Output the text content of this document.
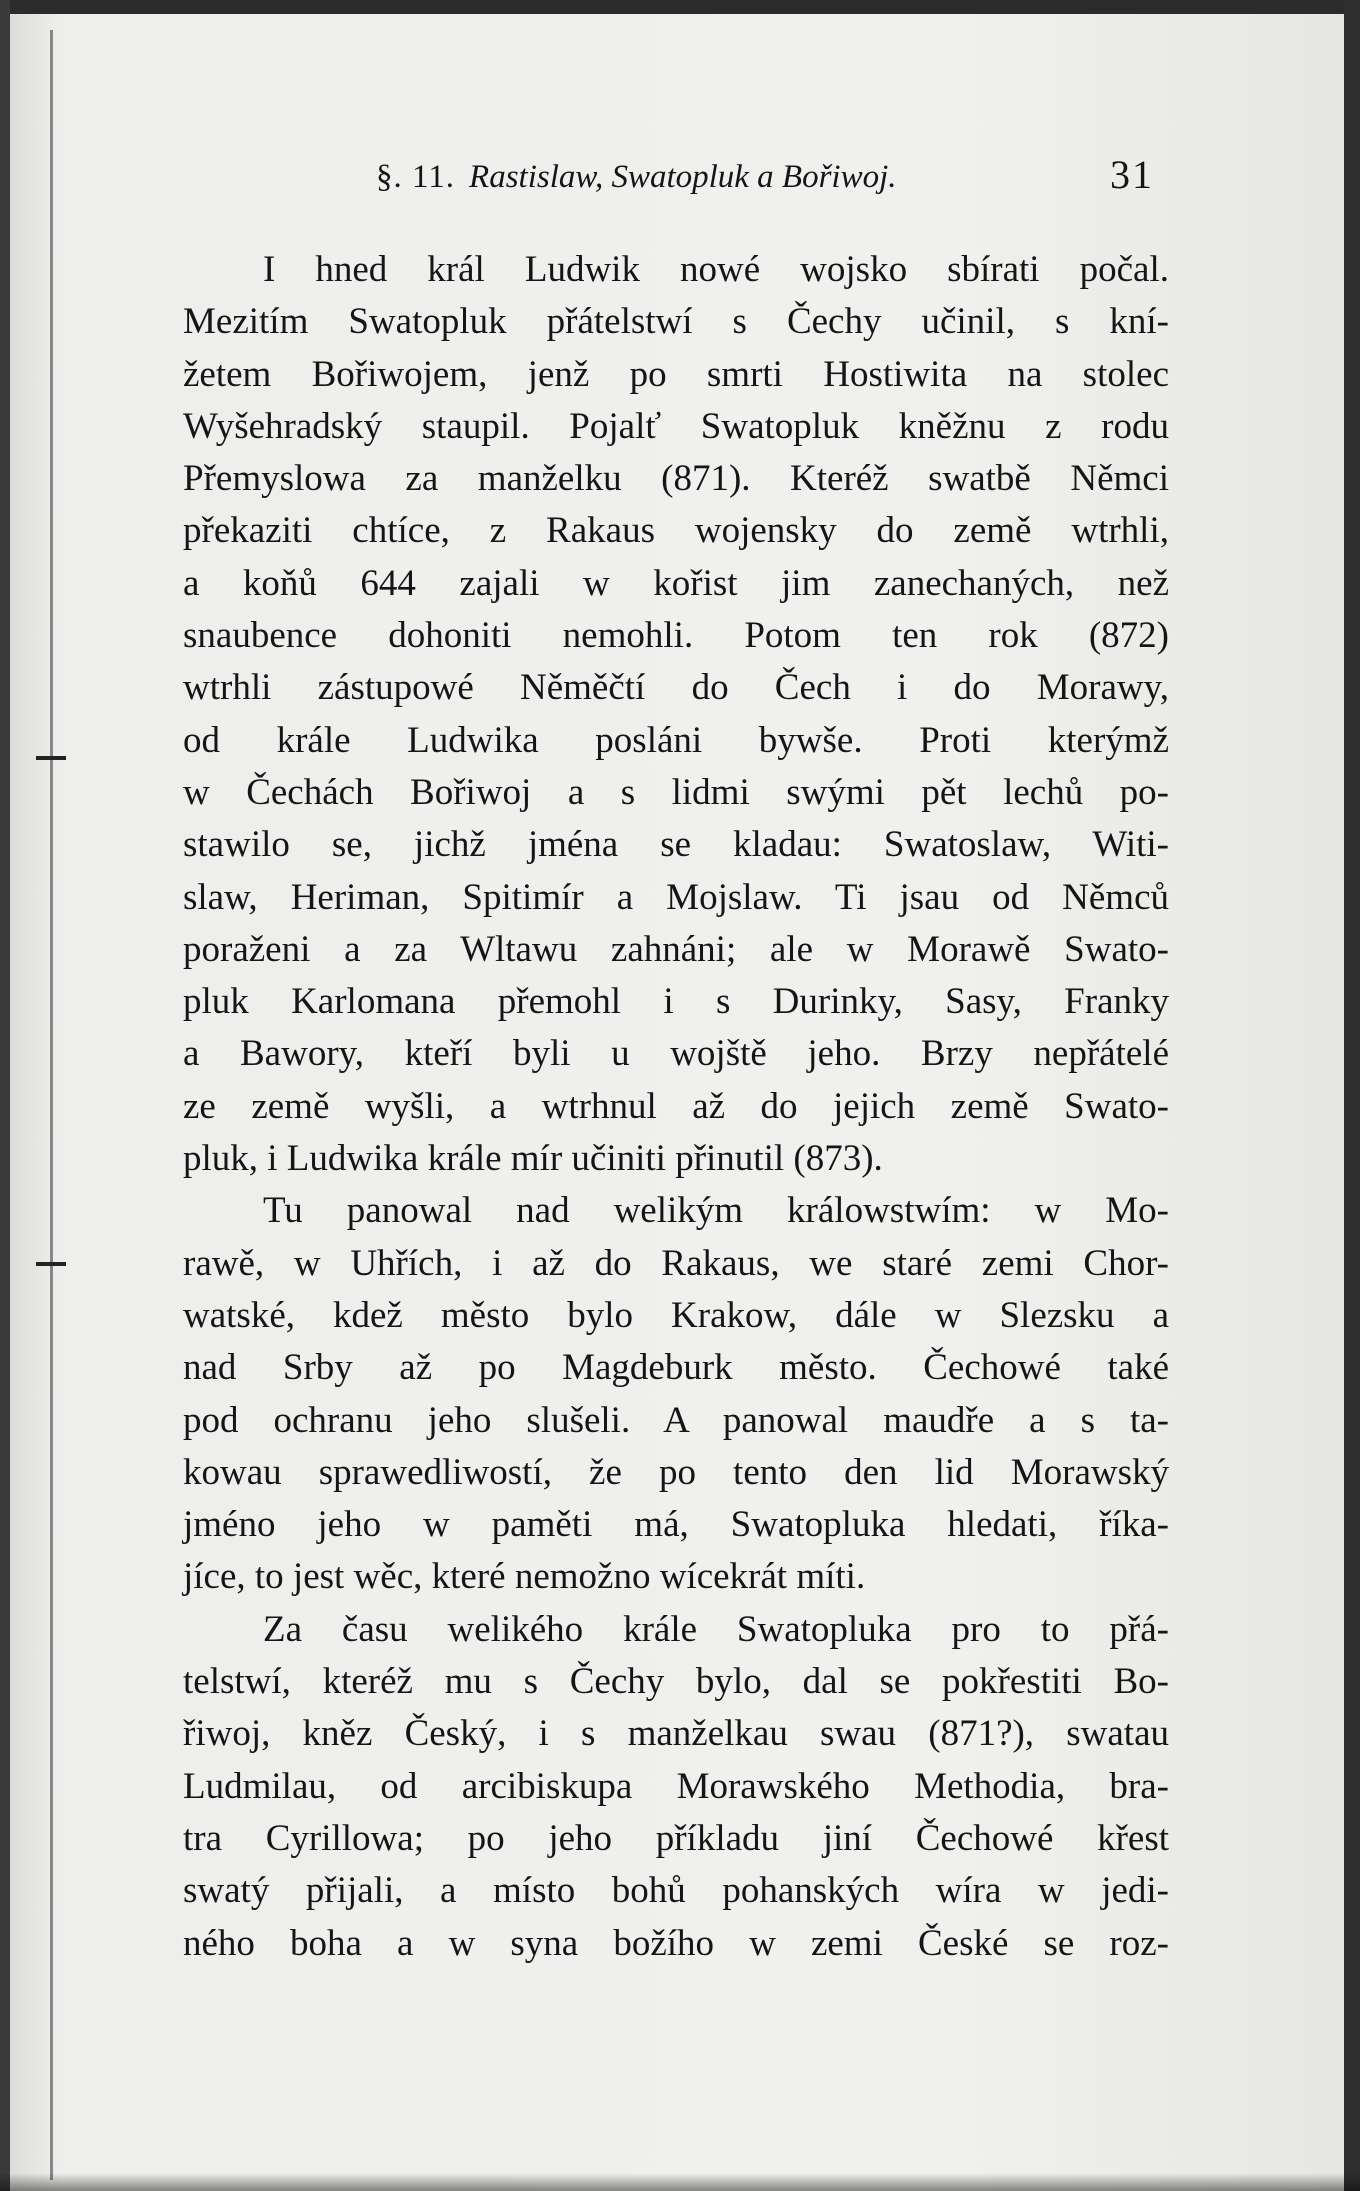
§. 11. Rastislaw, Swatopluk a Bořiwoj.	31
I hned král Ludwik nowé wojsko sbírati počal.
Mezitím Swatopluk přátelstwí s Čechy učinil, s kní-
žetem Bořiwojem, jenž po smrti Hostiwita na stolec
Wyšehradský staupil. Pojalť Swatopluk kněžnu z rodu
Přemyslowa za manželku (871). Kteréž swatbě Němci
překaziti chtíce, z Rakaus wojensky do země wtrhli,
a koňů 644 zajali w kořist jim zanechaných, než
snaubence dohoniti nemohli. Potom ten rok (872)
wtrhli zástupowé Něměčtí do Čech i do Morawy,
od krále Ludwika posláni bywše. Proti kterýmž
w Čechách Bořiwoj a s lidmi swými pět lechů po-
stawilo se, jichž jména se kladau: Swatoslaw, Witi-
slaw, Heriman, Spitimír a Mojslaw. Ti jsau od Němců
poraženi a za Wltawu zahnáni; ale w Morawě Swato-
pluk Karlomana přemohl i s Durinky, Sasy, Franky
a Bawory, kteří byli u wojště jeho. Brzy nepřátelé
ze země wyšli, a wtrhnul až do jejich země Swato-
pluk, i Ludwika krále mír učiniti přinutil (873).
Tu panowal nad welikým králowstwím: w Mo-
rawě, w Uhřích, i až do Rakaus, we staré zemi Chor-
watské, kdež město bylo Krakow, dále w Slezsku a
nad Srby až po Magdeburk město. Čechowé také
pod ochranu jeho slušeli. A panowal maudře a s ta-
kowau sprawedliwostí, že po tento den lid Morawský
jméno jeho w paměti má, Swatopluka hledati, říka-
jíce, to jest wěc, které nemožno wícekrát míti.
Za času welikého krále Swatopluka pro to přá-
telstwí, kteréž mu s Čechy bylo, dal se pokřestiti Bo-
řiwoj, kněz Český, i s manželkau swau (871?), swatau
Ludmilau, od arcibiskupa Morawského Methodia, bra-
tra Cyrillowa; po jeho příkladu jiní Čechowé křest
swatý přijali, a místo bohů pohanských wíra w jedi-
ného boha a w syna božího w zemi České se roz-
